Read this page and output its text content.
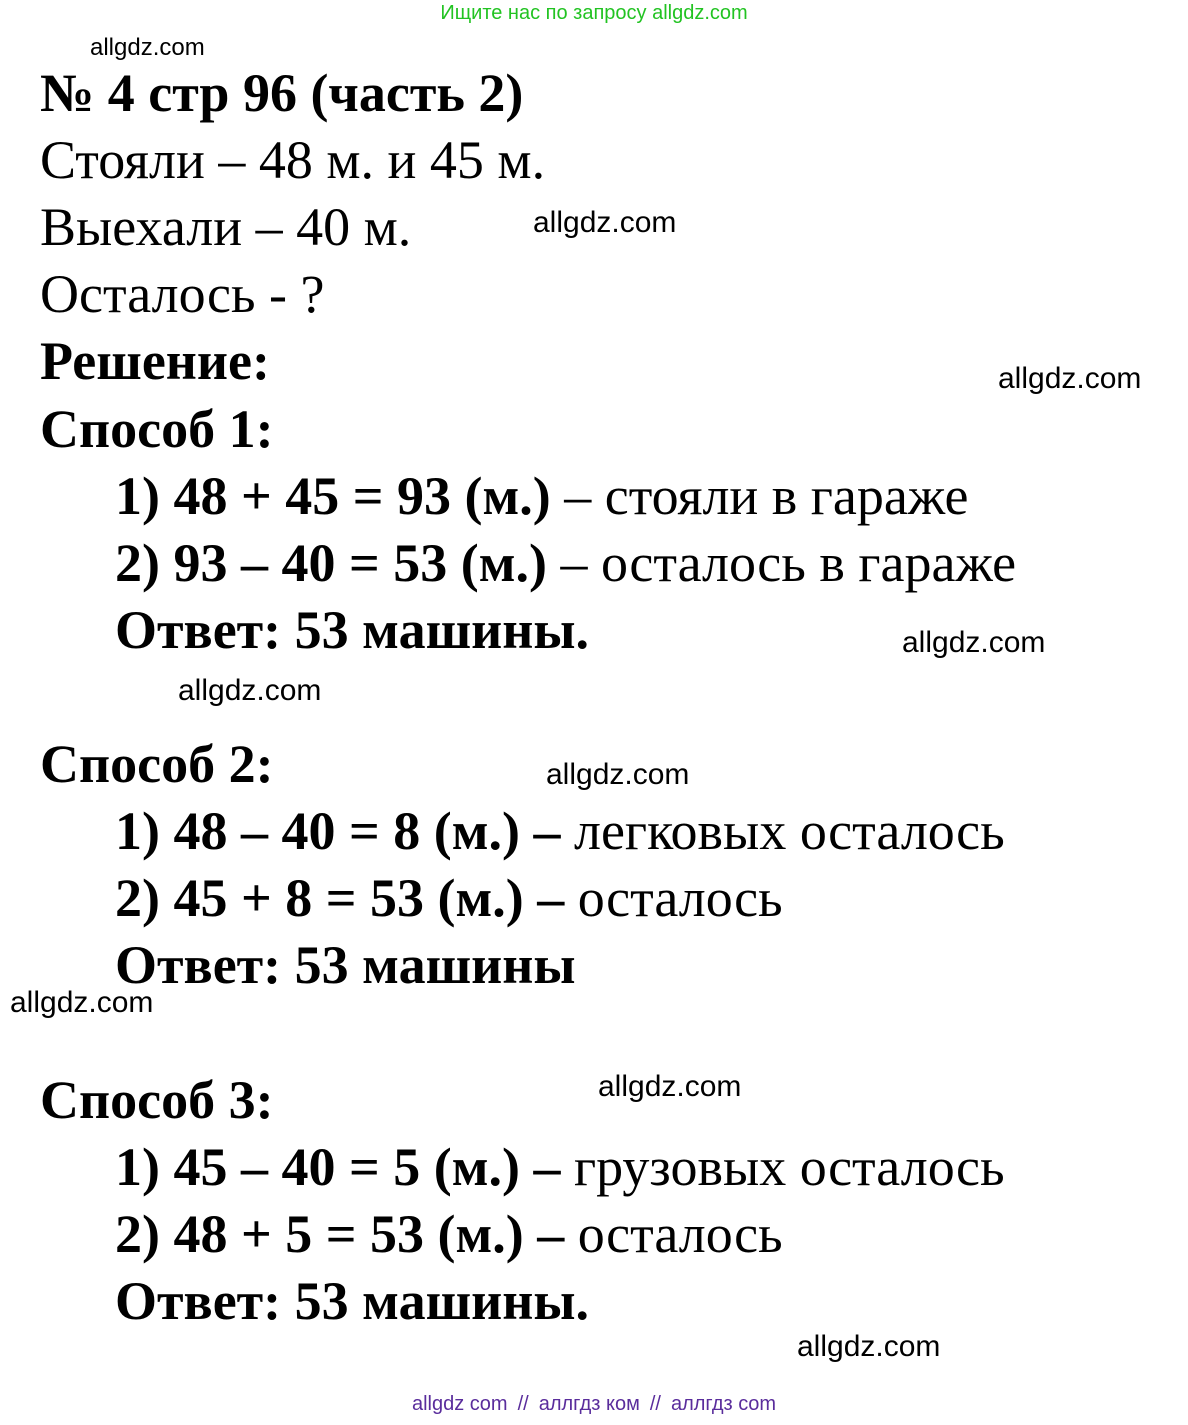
Ищите нас по запросу allgdz.com
allgdz.com
allgdz.com
allgdz.com
allgdz.com
allgdz.com
allgdz.com
allgdz.com
allgdz.com
allgdz.com
№ 4 стр 96 (часть 2)
Стояли – 48 м. и 45 м.
Выехали – 40 м.
Осталось - ?
Решение:
Способ 1:
1) 48 + 45 = 93 (м.) – стояли в гараже
2) 93 – 40 = 53 (м.) – осталось в гараже
Ответ: 53 машины.
Способ 2:
1) 48 – 40 = 8 (м.) – легковых осталось
2) 45 + 8 = 53 (м.) – осталось
Ответ: 53 машины
Способ 3:
1) 45 – 40 = 5 (м.) – грузовых осталось
2) 48 + 5 = 53 (м.) – осталось
Ответ: 53 машины.
allgdz com // аллгдз ком // аллгдз com
